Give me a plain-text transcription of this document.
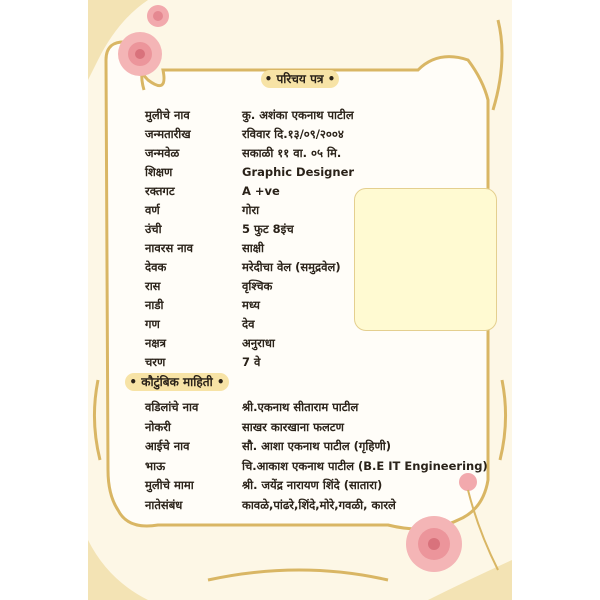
• परिचय पत्र •
• कौटुंबिक माहिती •
मुलीचे नाव	कु. अशंका एकनाथ पाटील
जन्मतारीख	रविवार दि.१३/०९/२००४
जन्मवेळ	सकाळी ११ वा. ०५ मि.
शिक्षण	Graphic Designer
रक्तगट	A +ve
वर्ण	गोरा
उंची	5 फुट 8इंच
नावरस नाव	साक्षी
देवक	मरेदीचा वेल (समुद्रवेल)
रास	वृश्चिक
नाडी	मध्य
गण	देव
नक्षत्र	अनुराधा
चरण	7 वे
वडिलांचे नाव	श्री.एकनाथ सीताराम पाटील
नोकरी	साखर कारखाना फलटण
आईचे नाव	सौ. आशा एकनाथ पाटील (गृहिणी)
भाऊ	चि.आकाश एकनाथ पाटील (B.E IT Engineering)
मुलीचे मामा	श्री. जयेंद्र नारायण शिंदे (सातारा)
नातेसंबंध	कावळे,पांढरे,शिंदे,मोरे,गवळी, कारले
